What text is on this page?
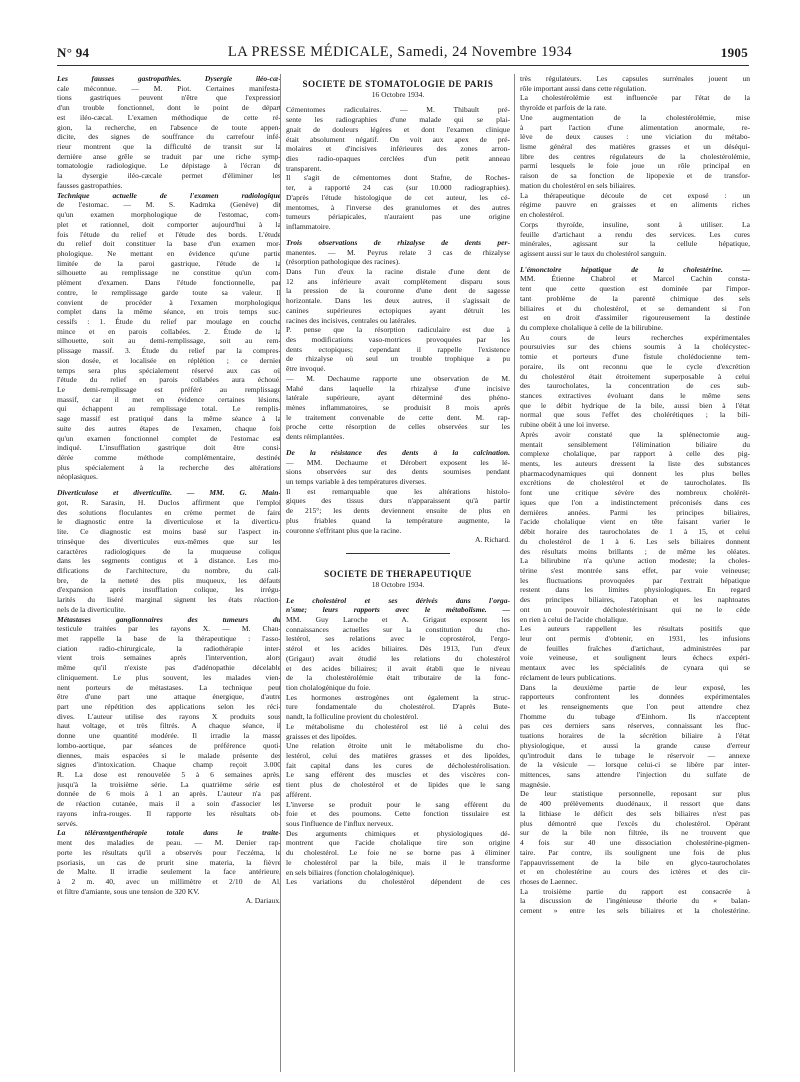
N° 94	LA PRESSE MÉDICALE, Samedi, 24 Novembre 1934	1905
Les fausses gastropathies. Dysergie iléo-cæ-
cale méconnue. — M. Piot. Certaines manifesta-
tions gastriques peuvent n'être que l'expression
d'un trouble fonctionnel, dont le point de départ
est iléo-cæcal. L'examen méthodique de cette ré-
gion, la recherche, en l'absence de toute appen-
dicite, des signes de souffrance du carrefour infé-
rieur montrent que la difficulté de transit sur la
dernière anse grêle se traduit par une riche symp-
tomatologie radiologique. Le dépistage à l'écran de
la dysergie iléo-cæcale permet d'éliminer les
fausses gastropathies.
Technique actuelle de l'examen radiologique
de l'estomac. — M. S. Kadrnka (Genève) dit
qu'un examen morphologique de l'estomac, com-
plet et rationnel, doit comporter aujourd'hui à la
fois l'étude du relief et l'étude des bords. L'étude
du relief doit constituer la base d'un examen mor-
phologique. Ne mettant en évidence qu'une partie
limitée de la paroi gastrique, l'étude de la
silhouette au remplissage ne constitue qu'un com-
plément d'examen. Dans l'étude fonctionnelle, par
contre, le remplissage garde toute sa valeur. Il
convient de procéder à l'examen morphologique
complet dans la même séance, en trois temps suc-
cessifs : 1. Étude du relief par moulage en couche
mince et en parois collabées. 2. Étude de la
silhouette, soit au demi-remplissage, soit au rem-
plissage massif. 3. Étude du relief par la compres-
sion dosée, et localisée en réplétion ; ce dernier
temps sera plus spécialement réservé aux cas où
l'étude du relief en parois collabées aura échoué.
Le demi-remplissage est préféré au remplissage
massif, car il met en évidence certaines lésions,
qui échappent au remplissage total. Le remplis-
sage massif est pratiqué dans la même séance à la
suite des autres étapes de l'examen, chaque fois
qu'un examen fonctionnel complet de l'estomac est
indiqué. L'insufflation gastrique doit être consi-
dérée comme méthode complémentaire, destinée
plus spécialement à la recherche des altérations
néoplasiques.
Diverticulose et diverticulite. — MM. G. Main-
got, R. Sarasin, H. Duclos affirment que l'emploi
des solutions floculantes en crème permet de faire
le diagnostic entre la diverticulose et la diverticu-
lite. Ce diagnostic est moins basé sur l'aspect in-
trinsèque des diverticules eux-mêmes que sur les
caractères radiologiques de la muqueuse colique
dans les segments contigus et à distance. Les mo-
difications de l'architecture, du nombre, du cali-
bre, de la netteté des plis muqueux, les défauts
d'expansion après insufflation colique, les irrégu-
larités du liséré marginal signent les états réaction-
nels de la diverticulite.
Métastases ganglionnaires des tumeurs du
testicule traitées par les rayons X. — M. Chau-
met rappelle la base de la thérapeutique : l'asso-
ciation radio-chirurgicale, la radiothérapie inter-
vient trois semaines après l'intervention, alors
même qu'il n'existe pas d'adénopathie décelable
cliniquement. Le plus souvent, les malades vien-
nent porteurs de métastases. La technique peut
être d'une part une attaque énergique, d'autre
part une répétition des applications selon les réci-
dives. L'auteur utilise des rayons X produits sous
haut voltage, et très filtrés. A chaque séance, il
donne une quantité modérée. Il irradie la masse
lombo-aortique, par séances de préférence quoti-
diennes, mais espacées si le malade présente des
signes d'intoxication. Chaque champ reçoit 3.000
R. La dose est renouvelée 5 à 6 semaines après,
jusqu'à la troisième série. La quatrième série est
donnée de 6 mois à 1 an après. L'auteur n'a pas
de réaction cutanée, mais il a soin d'associer les
rayons infra-rouges. Il rapporte les résultats ob-
servés.
La télérœntgenthérapie totale dans le traite-
ment des maladies de peau. — M. Denier rap-
porte les résultats qu'il a observés pour l'eczéma, le
psoriasis, un cas de prurit sine materia, la fièvre
de Malte. Il irradie seulement la face antérieure,
à 2 m. 40, avec un millimètre et 2/10 de Al,
et filtre d'amiante, sous une tension de 320 KV.
A. Dariaux.
SOCIÉTÉ DE STOMATOLOGIE DE PARIS
16 Octobre 1934.
Cémentomes radiculaires. — M. Thibault pré-
sente les radiographies d'une malade qui se plai-
gnait de douleurs légères et dont l'examen clinique
était absolument négatif. On voit aux apex de pré-
molaires et d'incisives inférieures des zones arron-
dies radio-opaques cerclées d'un petit anneau
transparent.
Il s'agit de cémentomes dont Stafne, de Roches-
ter, a rapporté 24 cas (sur 10.000 radiographies).
D'après l'étude histologique de cet auteur, les cé-
mentomes, à l'inverse des granulomes et des autres
tumeurs périapicales, n'auraient pas une origine
inflammatoire.
Trois observations de rhizalyse de dents per-
manentes. — M. Peyrus relate 3 cas de rhizalyse
(résorption pathologique des racines).
Dans l'un d'eux la racine distale d'une dent de
12 ans inférieure avait complètement disparu sous
la pression de la couronne d'une dent de sagesse
horizontale. Dans les deux autres, il s'agissait de
canines supérieures ectopiques ayant détruit les
racines des incisives, centrales ou latérales.
P. pense que la résorption radiculaire est due à
des modifications vaso-motrices provoquées par les
dents ectopiques; cependant il rappelle l'existence
de rhizalyse où seul un trouble trophique a pu
être invoqué.
— M. Dechaume rapporte une observation de M.
Mahé dans laquelle la rhizalyse d'une incisive
latérale supérieure, ayant déterminé des phéno-
mènes inflammatoires, se produisit 8 mois après
le traitement convenable de cette dent. M. rap-
proche cette résorption de celles observées sur les
dents réimplantées.
De la résistance des dents à la calcination.
— MM. Dechaume et Dérobert exposent les lé-
sions observées sur des dents soumises pendant
un temps variable à des températures diverses.
Il est remarquable que les altérations histolo-
giques des tissus durs n'apparaissent qu'à partir
de 215°; les dents deviennent ensuite de plus en
plus friables quand la température augmente, la
couronne s'effritant plus que la racine.
A. Richard.
SOCIÉTÉ DE THÉRAPEUTIQUE
18 Octobre 1934.
Le cholestérol et ses dérivés dans l'orga-
n'sme; leurs rapports avec le métabolisme. —
MM. Guy Laroche et A. Grigaut exposent les
connaissances actuelles sur la constitution du cho-
lestérol, ses relations avec le coprostérol, l'ergo-
stérol et les acides biliaires. Dès 1913, l'un d'eux
(Grigaut) avait étudié les relations du cholestérol
et des acides biliaires; il avait établi que le niveau
de la cholestérolémie était tributaire de la fonc-
tion cholalogénique du foie.
Les hormones œstrogènes ont également la struc-
ture fondamentale du cholestérol. D'après Bute-
nandt, la folliculine provient du cholestérol.
Le métabolisme du cholestérol est lié à celui des
graisses et des lipoïdes.
Une relation étroite unit le métabolisme du cho-
lestérol, celui des matières grasses et des lipoïdes,
fait capital dans les cures de décholestérolisation.
Le sang efférent des muscles et des viscères con-
tient plus de cholestérol et de lipides que le sang
afférent.
L'inverse se produit pour le sang efférent du
foie et des poumons. Cette fonction tissulaire est
sous l'influence de l'influx nerveux.
Des arguments chimiques et physiologiques dé-
montrent que l'acide cholalique tire son origine
du cholestérol. Le foie ne se borne pas à éliminer
le cholestérol par la bile, mais il le transforme
en sels biliaires (fonction cholalogénique).
Les variations du cholestérol dépendent de ces
très régulateurs. Les capsules surrénales jouent un
rôle important aussi dans cette régulation.
La cholestérolémie est influencée par l'état de la
thyroïde et parfois de la rate.
Une augmentation de la cholestérolémie, mise
à part l'action d'une alimentation anormale, re-
lève de deux causes : une viciation du métabo-
lisme général des matières grasses et un déséqui-
libre des centres régulateurs de la cholestérolémie,
parmi lesquels le foie joue un rôle principal en
raison de sa fonction de lipopexie et de transfor-
mation du cholestérol en sels biliaires.
La thérapeutique découle de cet exposé : un
régime pauvre en graisses et en aliments riches
en cholestérol.
Corps thyroïde, insuline, sont à utiliser. La
feuille d'artichaut a rendu des services. Les cures
minérales, agissant sur la cellule hépatique,
agissent aussi sur le taux du cholestérol sanguin.
L'émonctoire hépatique de la cholestérine. —
MM. Étienne Chabrol et Marcel Cachin consta-
tent que cette question est dominée par l'impor-
tant problème de la parenté chimique des sels
biliaires et du cholestérol, et se demandent si l'on
est en droit d'assimiler rigoureusement la destinée
du complexe cholalique à celle de la bilirubine.
Au cours de leurs recherches expérimentales
poursuivies sur des chiens soumis à la cholécystec-
tomie et porteurs d'une fistule cholédocienne tem-
poraire, ils ont reconnu que le cycle d'excrétion
du cholestérol était étroitement superposable à celui
des taurocholates, la concentration de ces sub-
stances extractives évoluant dans le même sens
que le débit hydrique de la bile, aussi bien à l'état
normal que sous l'effet des cholérétiques ; la bili-
rubine obéit à une loi inverse.
Après avoir constaté que la splénectomie aug-
mentait sensiblement l'élimination biliaire du
complexe cholalique, par rapport à celle des pig-
ments, les auteurs dressent la liste des substances
pharmacodynamiques qui donnent les plus belles
excrétions de cholestérol et de taurocholates. Ils
font une critique sévère des nombreux cholérét-
iques que l'on a indistinctement préconisés dans ces
dernières années. Parmi les principes biliaires,
l'acide cholalique vient en tête faisant varier le
débit horaire des taurocholates de 1 à 15, et celui
du cholestérol de 1 à 6. Les sels biliaires donnent
des résultats moins brillants ; de même les oléates.
La bilirubine n'a qu'une action modeste; la choles-
térine s'est montrée sans effet, par voie veineuse;
les fluctuations provoquées par l'extrait hépatique
restent dans les limites physiologiques. En regard
des principes biliaires, l'atophan et les naphtoates
ont un pouvoir décholestérinisant qui ne le cède
en rien à celui de l'acide cholalique.
Les auteurs rappellent les résultats positifs que
leur ont permis d'obtenir, en 1931, les infusions
de feuilles fraîches d'artichaut, administrées par
voie veineuse, et soulignent leurs échecs expéri-
mentaux avec les spécialités de cynara qui se
réclament de leurs publications.
Dans la deuxième partie de leur exposé, les
rapporteurs confrontent les données expérimentales
et les renseignements que l'on peut attendre chez
l'homme du tubage d'Einhorn. Ils n'acceptent
pas ces derniers sans réserves, connaissant les fluc-
tuations horaires de la sécrétion biliaire à l'état
physiologique, et aussi la grande cause d'erreur
qu'introduit dans le tubage le réservoir — annexe
de la vésicule — lorsque celui-ci se libère par inter-
mittences, sans attendre l'injection du sulfate de
magnésie.
De leur statistique personnelle, reposant sur plus
de 400 prélèvements duodénaux, il ressort que dans
la lithiase le déficit des sels biliaires n'est pas
plus démontré que l'excès du cholestérol. Opérant
sur de la bile non filtrée, ils ne trouvent que
4 fois sur 40 une dissociation cholestérine-pigmen-
taire. Par contre, ils soulignent une fois de plus
l'appauvrissement de la bile en glyco-taurocholates
et en cholestérine au cours des ictères et des cir-
rhoses de Laennec.
La troisième partie du rapport est consacrée à
la discussion de l'ingénieuse théorie du « balan-
cement » entre les sels biliaires et la cholestérine.
